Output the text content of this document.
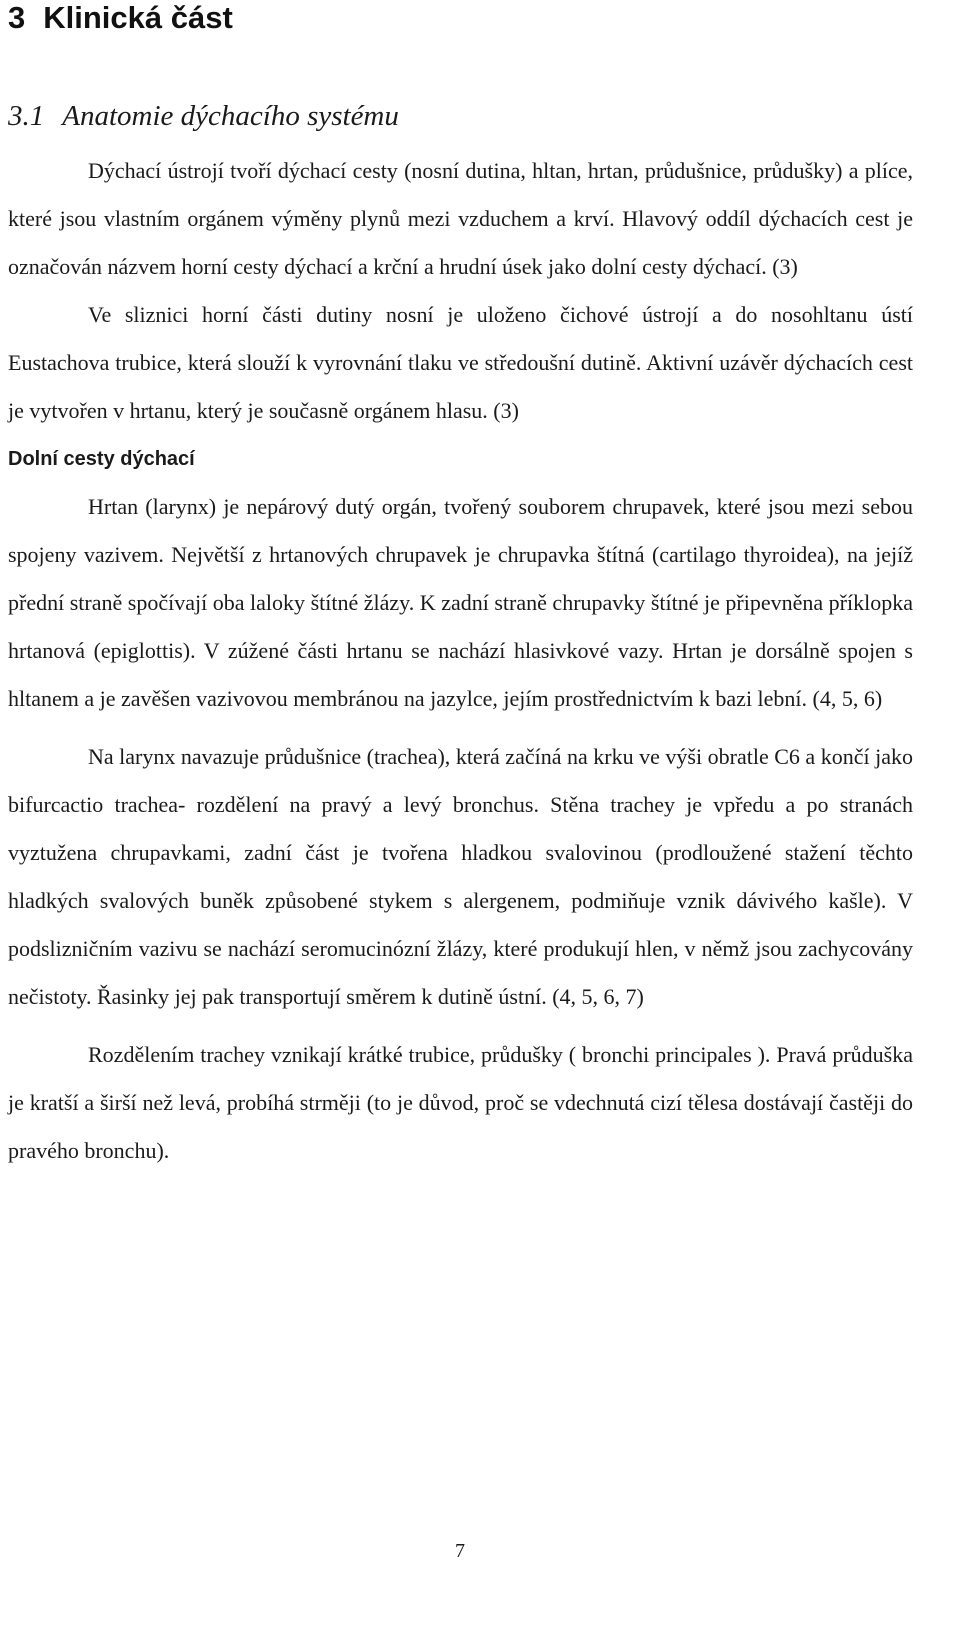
3 Klinická část
3.1 Anatomie dýchacího systému

Dýchací ústrojí tvoří dýchací cesty (nosní dutina, hltan, hrtan, průdušnice, průdušky) a plíce, které jsou vlastním orgánem výměny plynů mezi vzduchem a krví. Hlavový oddíl dýchacích cest je označován názvem horní cesty dýchací a krční a hrudní úsek jako dolní cesty dýchací. (3)

Ve sliznici horní části dutiny nosní je uloženo čichové ústrojí a do nosohltanu ústí Eustachova trubice, která slouží k vyrovnání tlaku ve středoušní dutině. Aktivní uzávěr dýchacích cest je vytvořen v hrtanu, který je současně orgánem hlasu. (3)

Dolní cesty dýchací

Hrtan (larynx) je nepárový dutý orgán, tvořený souborem chrupavek, které jsou mezi sebou spojeny vazivem. Největší z hrtanových chrupavek je chrupavka štítná (cartilago thyroidea), na jejíž přední straně spočívají oba laloky štítné žlázy. K zadní straně chrupavky štítné je připevněna příklopka hrtanová (epiglottis). V zúžené části hrtanu se nachází hlasivkové vazy. Hrtan je dorsálně spojen s hltanem a je zavěšen vazivovou membránou na jazylce, jejím prostřednictvím k bazi lební. (4, 5, 6)

Na larynx navazuje průdušnice (trachea), která začíná na krku ve výši obratle C6 a končí jako bifurcactio trachea- rozdělení na pravý a levý bronchus. Stěna trachey je vpředu a po stranách vyztužena chrupavkami, zadní část je tvořena hladkou svalovinou (prodloužené stažení těchto hladkých svalových buněk způsobené stykem s alergenem, podmiňuje vznik dávivého kašle). V podslizničním vazivu se nachází seromucinózní žlázy, které produkují hlen, v němž jsou zachycovány nečistoty. Řasinky jej pak transportují směrem k dutině ústní. (4, 5, 6, 7)

Rozdělením trachey vznikají krátké trubice, průdušky ( bronchi principales ). Pravá průduška je kratší a širší než levá, probíhá strměji (to je důvod, proč se vdechnutá cizí tělesa dostávají častěji do pravého bronchu).

7
